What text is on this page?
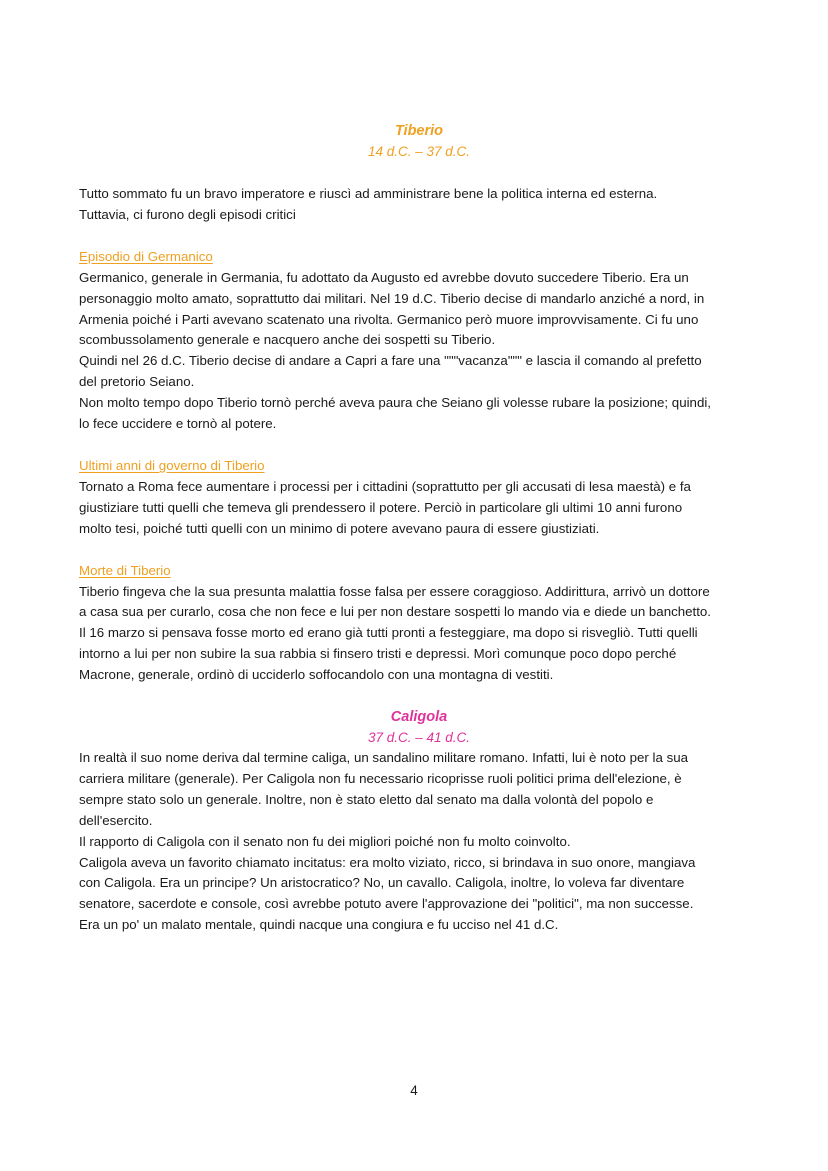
Tiberio
14 d.C. – 37 d.C.

Tutto sommato fu un bravo imperatore e riuscì ad amministrare bene la politica interna ed esterna.

Tuttavia, ci furono degli episodi critici

Episodio di Germanico

Germanico, generale in Germania, fu adottato da Augusto ed avrebbe dovuto succedere Tiberio. Era un

personaggio molto amato, soprattutto dai militari. Nel 19 d.C. Tiberio decise di mandarlo anziché a nord, in

Armenia poiché i Parti avevano scatenato una rivolta. Germanico però muore improvvisamente. Ci fu uno

scombussolamento generale e nacquero anche dei sospetti su Tiberio.

Quindi nel 26 d.C. Tiberio decise di andare a Capri a fare una """vacanza""" e lascia il comando al prefetto

del pretorio Seiano.

Non molto tempo dopo Tiberio tornò perché aveva paura che Seiano gli volesse rubare la posizione; quindi,

lo fece uccidere e tornò al potere.

Ultimi anni di governo di Tiberio

Tornato a Roma fece aumentare i processi per i cittadini (soprattutto per gli accusati di lesa maestà) e fa

giustiziare tutti quelli che temeva gli prendessero il potere. Perciò in particolare gli ultimi 10 anni furono

molto tesi, poiché tutti quelli con un minimo di potere avevano paura di essere giustiziati.

Morte di Tiberio

Tiberio fingeva che la sua presunta malattia fosse falsa per essere coraggioso. Addirittura, arrivò un dottore

a casa sua per curarlo, cosa che non fece e lui per non destare sospetti lo mando via e diede un banchetto.

Il 16 marzo si pensava fosse morto ed erano già tutti pronti a festeggiare, ma dopo si risvegliò. Tutti quelli

intorno a lui per non subire la sua rabbia si finsero tristi e depressi. Morì comunque poco dopo perché

Macrone, generale, ordinò di ucciderlo soffocandolo con una montagna di vestiti.

Caligola
37 d.C. – 41 d.C.

In realtà il suo nome deriva dal termine caliga, un sandalino militare romano. Infatti, lui è noto per la sua

carriera militare (generale). Per Caligola non fu necessario ricoprisse ruoli politici prima dell'elezione, è

sempre stato solo un generale. Inoltre, non è stato eletto dal senato ma dalla volontà del popolo e

dell'esercito.

Il rapporto di Caligola con il senato non fu dei migliori poiché non fu molto coinvolto.

Caligola aveva un favorito chiamato incitatus: era molto viziato, ricco, si brindava in suo onore, mangiava

con Caligola. Era un principe? Un aristocratico? No, un cavallo. Caligola, inoltre, lo voleva far diventare

senatore, sacerdote e console, così avrebbe potuto avere l'approvazione dei "politici", ma non successe.

Era un po' un malato mentale, quindi nacque una congiura e fu ucciso nel 41 d.C.

4
